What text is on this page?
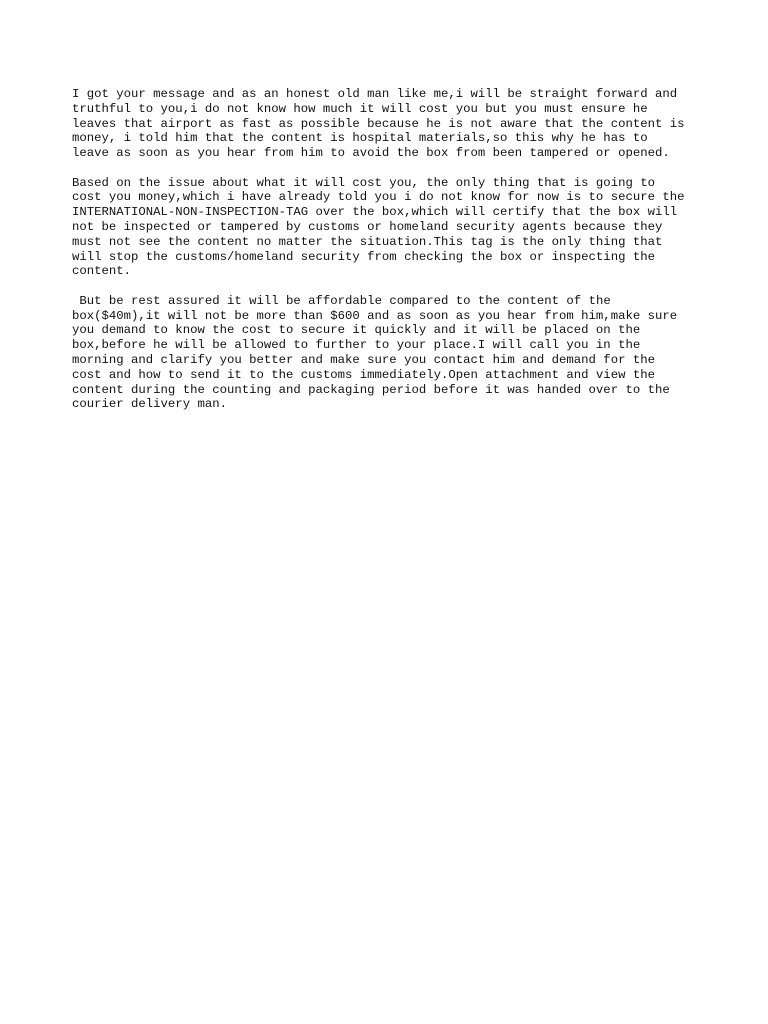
I got your message and as an honest old man like me,i will be straight forward and
truthful to you,i do not know how much it will cost you but you must ensure he
leaves that airport as fast as possible because he is not aware that the content is
money, i told him that the content is hospital materials,so this why he has to
leave as soon as you hear from him to avoid the box from been tampered or opened.

Based on the issue about what it will cost you, the only thing that is going to
cost you money,which i have already told you i do not know for now is to secure the
INTERNATIONAL-NON-INSPECTION-TAG over the box,which will certify that the box will
not be inspected or tampered by customs or homeland security agents because they
must not see the content no matter the situation.This tag is the only thing that
will stop the customs/homeland security from checking the box or inspecting the
content.

But be rest assured it will be affordable compared to the content of the
box($40m),it will not be more than $600 and as soon as you hear from him,make sure
you demand to know the cost to secure it quickly and it will be placed on the
box,before he will be allowed to further to your place.I will call you in the
morning and clarify you better and make sure you contact him and demand for the
cost and how to send it to the customs immediately.Open attachment and view the
content during the counting and packaging period before it was handed over to the
courier delivery man.
